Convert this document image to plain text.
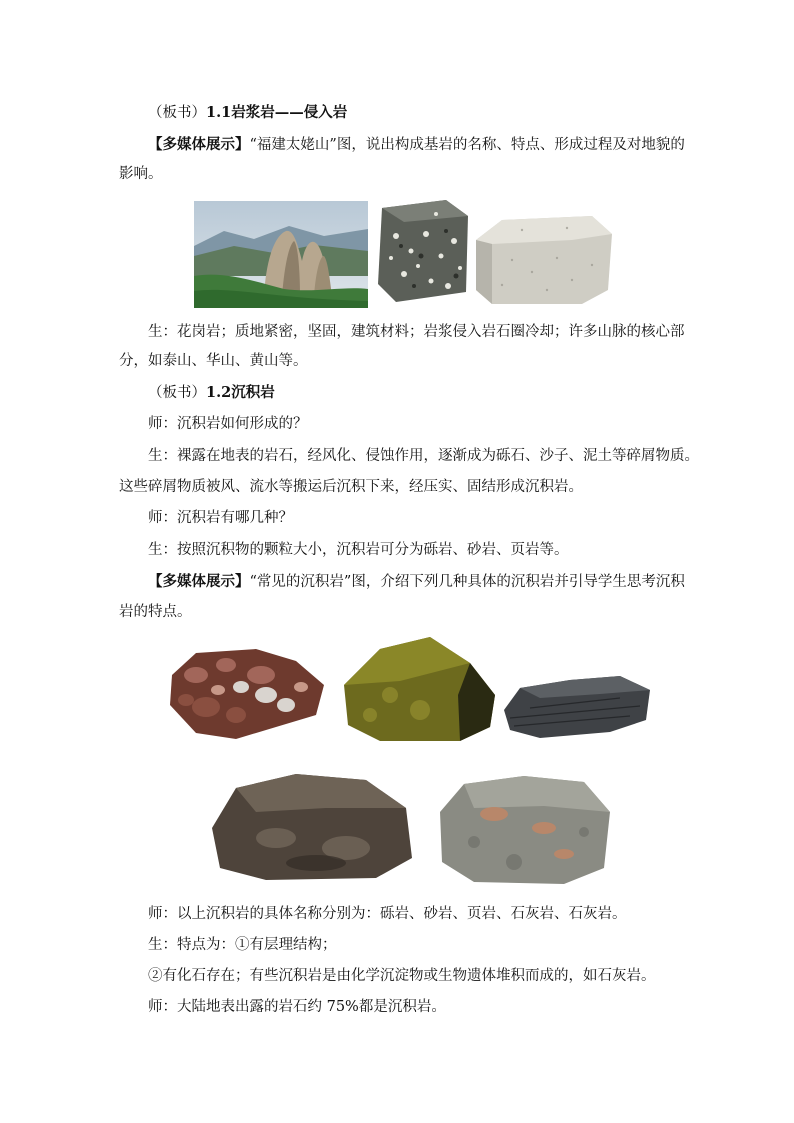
（板书）1.1岩浆岩——侵入岩
【多媒体展示】“福建太姥山”图，说出构成基岩的名称、特点、形成过程及对地貌的
影响。
生：花岗岩；质地紧密，坚固，建筑材料；岩浆侵入岩石圈冷却；许多山脉的核心部
分，如泰山、华山、黄山等。
（板书）1.2沉积岩
师：沉积岩如何形成的？
生：裸露在地表的岩石，经风化、侵蚀作用，逐渐成为砾石、沙子、泥土等碎屑物质。
这些碎屑物质被风、流水等搬运后沉积下来，经压实、固结形成沉积岩。
师：沉积岩有哪几种？
生：按照沉积物的颗粒大小，沉积岩可分为砾岩、砂岩、页岩等。
【多媒体展示】“常见的沉积岩”图，介绍下列几种具体的沉积岩并引导学生思考沉积
岩的特点。
师：以上沉积岩的具体名称分别为：砾岩、砂岩、页岩、石灰岩、石灰岩。
生：特点为：①有层理结构；
②有化石存在；有些沉积岩是由化学沉淀物或生物遗体堆积而成的，如石灰岩。
师：大陆地表出露的岩石约 75%都是沉积岩。
